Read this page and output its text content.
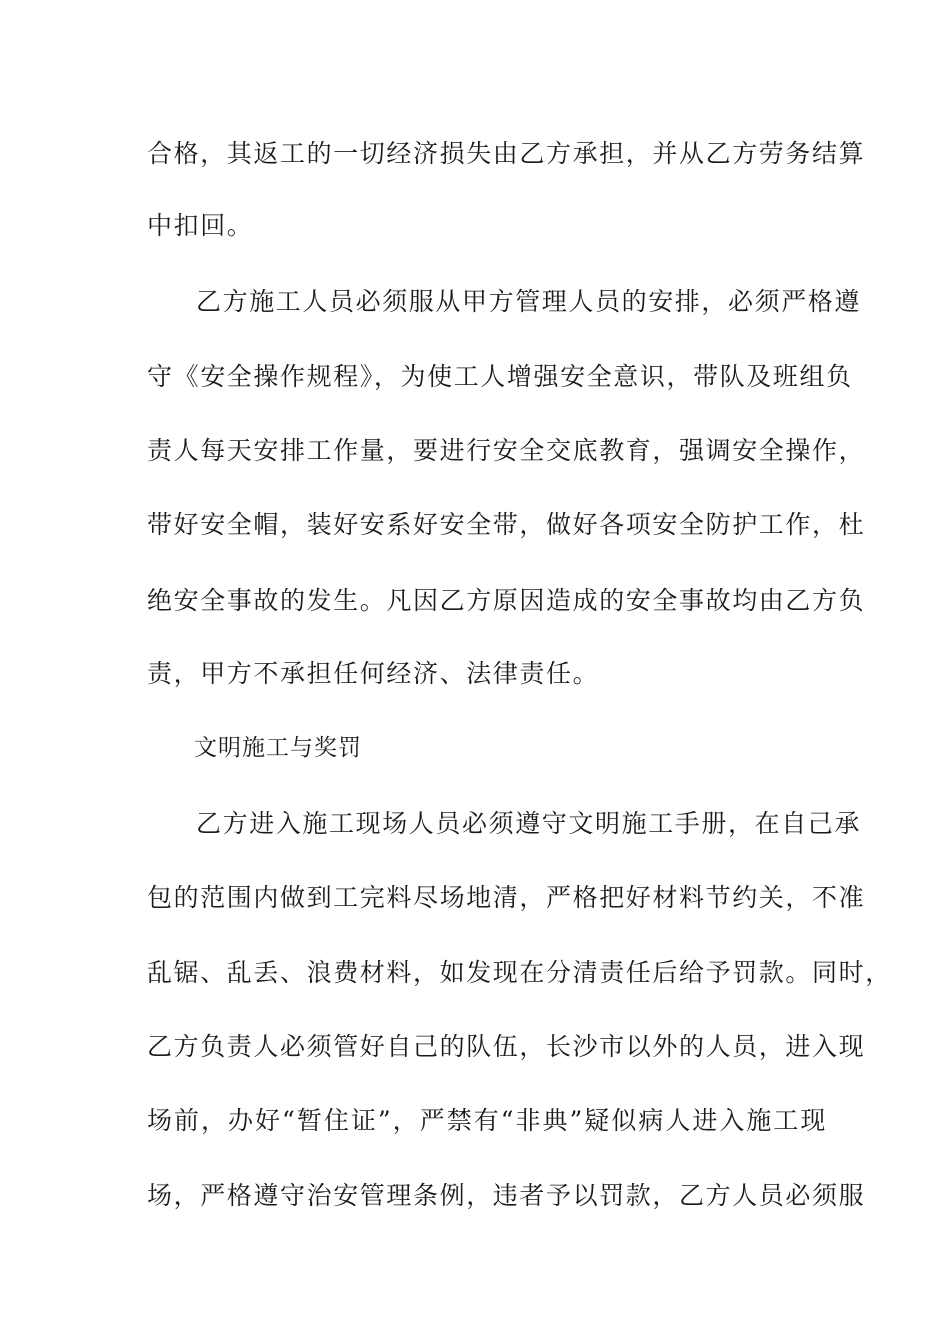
合格，其返工的一切经济损失由乙方承担，并从乙方劳务结算
中扣回。
乙方施工人员必须服从甲方管理人员的安排，必须严格遵
守《安全操作规程》，为使工人增强安全意识，带队及班组负
责人每天安排工作量，要进行安全交底教育，强调安全操作，
带好安全帽，装好安系好安全带，做好各项安全防护工作，杜
绝安全事故的发生。凡因乙方原因造成的安全事故均由乙方负
责，甲方不承担任何经济、法律责任。
文明施工与奖罚
乙方进入施工现场人员必须遵守文明施工手册，在自己承
包的范围内做到工完料尽场地清，严格把好材料节约关，不准
乱锯、乱丢、浪费材料，如发现在分清责任后给予罚款。同时，
乙方负责人必须管好自己的队伍，长沙市以外的人员，进入现
场前，办好“暂住证”，严禁有“非典”疑似病人进入施工现
场，严格遵守治安管理条例，违者予以罚款，乙方人员必须服
